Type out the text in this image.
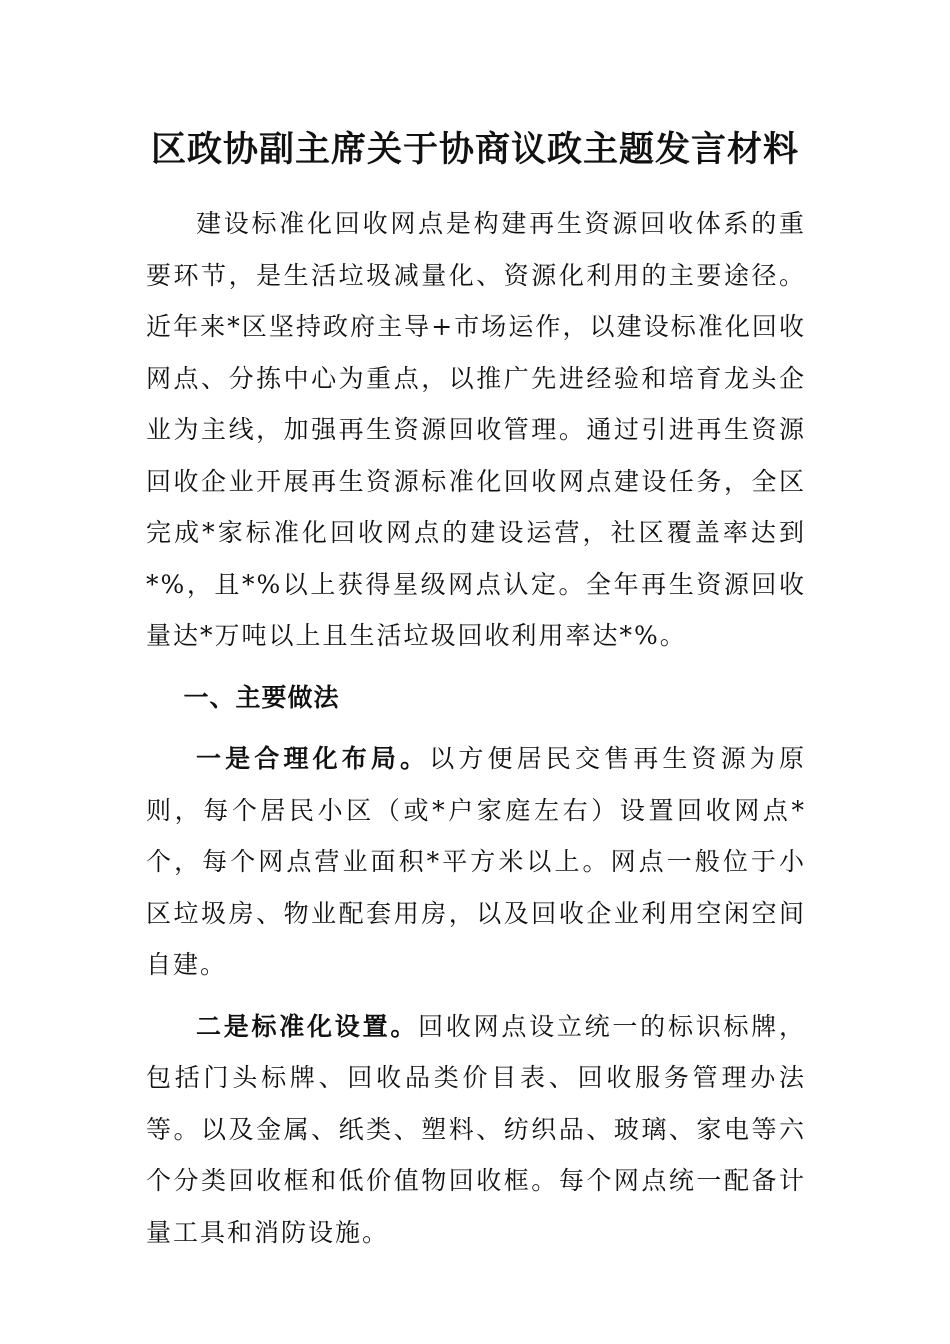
区政协副主席关于协商议政主题发言材料

建设标准化回收网点是构建再生资源回收体系的重要环节，是生活垃圾减量化、资源化利用的主要途径。近年来*区坚持政府主导+市场运作，以建设标准化回收网点、分拣中心为重点，以推广先进经验和培育龙头企业为主线，加强再生资源回收管理。通过引进再生资源回收企业开展再生资源标准化回收网点建设任务，全区完成*家标准化回收网点的建设运营，社区覆盖率达到*%，且*%以上获得星级网点认定。全年再生资源回收量达*万吨以上且生活垃圾回收利用率达*%。

一、主要做法

一是合理化布局。以方便居民交售再生资源为原则，每个居民小区（或*户家庭左右）设置回收网点*个，每个网点营业面积*平方米以上。网点一般位于小区垃圾房、物业配套用房，以及回收企业利用空闲空间自建。

二是标准化设置。回收网点设立统一的标识标牌，包括门头标牌、回收品类价目表、回收服务管理办法等。以及金属、纸类、塑料、纺织品、玻璃、家电等六个分类回收框和低价值物回收框。每个网点统一配备计量工具和消防设施。
